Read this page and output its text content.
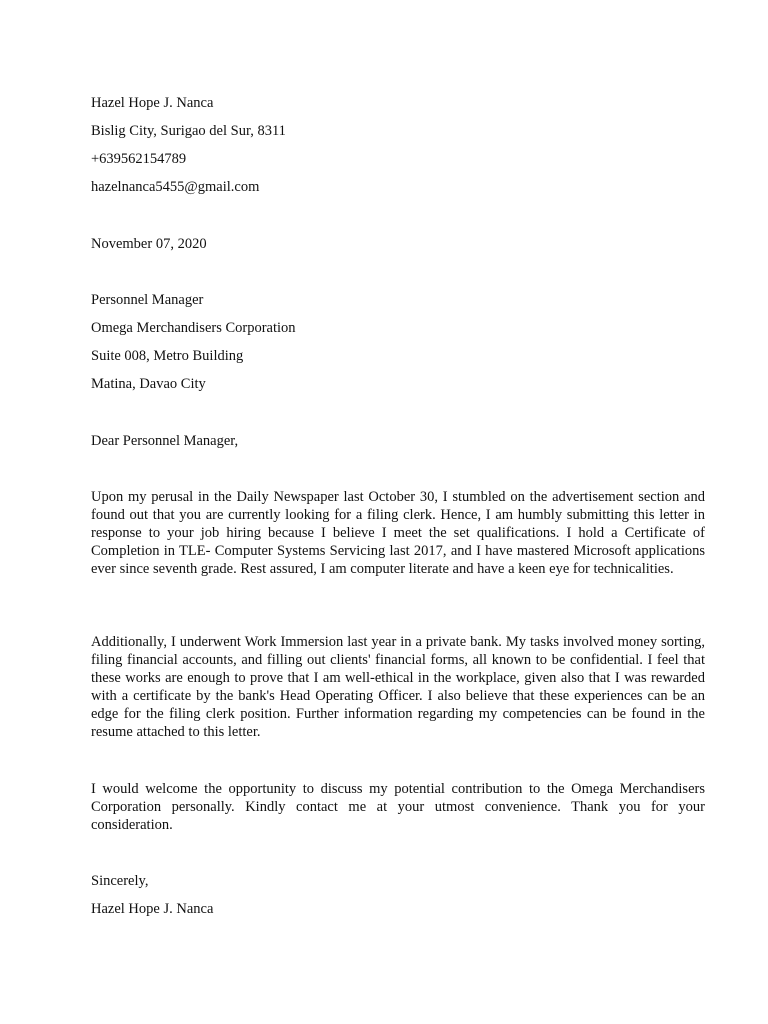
Hazel Hope J. Nanca
Bislig City, Surigao del Sur, 8311
+639562154789
hazelnanca5455@gmail.com
November 07, 2020
Personnel Manager
Omega Merchandisers Corporation
Suite 008, Metro Building
Matina, Davao City
Dear Personnel Manager,

Upon my perusal in the Daily Newspaper last October 30, I stumbled on the advertisement section and found out that you are currently looking for a filing clerk. Hence, I am humbly submitting this letter in response to your job hiring because I believe I meet the set qualifications. I hold a Certificate of Completion in TLE- Computer Systems Servicing last 2017, and I have mastered Microsoft applications ever since seventh grade. Rest assured, I am computer literate and have a keen eye for technicalities.

Additionally, I underwent Work Immersion last year in a private bank. My tasks involved money sorting, filing financial accounts, and filling out clients' financial forms, all known to be confidential. I feel that these works are enough to prove that I am well-ethical in the workplace, given also that I was rewarded with a certificate by the bank's Head Operating Officer. I also believe that these experiences can be an edge for the filing clerk position. Further information regarding my competencies can be found in the resume attached to this letter.

I would welcome the opportunity to discuss my potential contribution to the Omega Merchandisers Corporation personally. Kindly contact me at your utmost convenience. Thank you for your consideration.

Sincerely,
Hazel Hope J. Nanca
